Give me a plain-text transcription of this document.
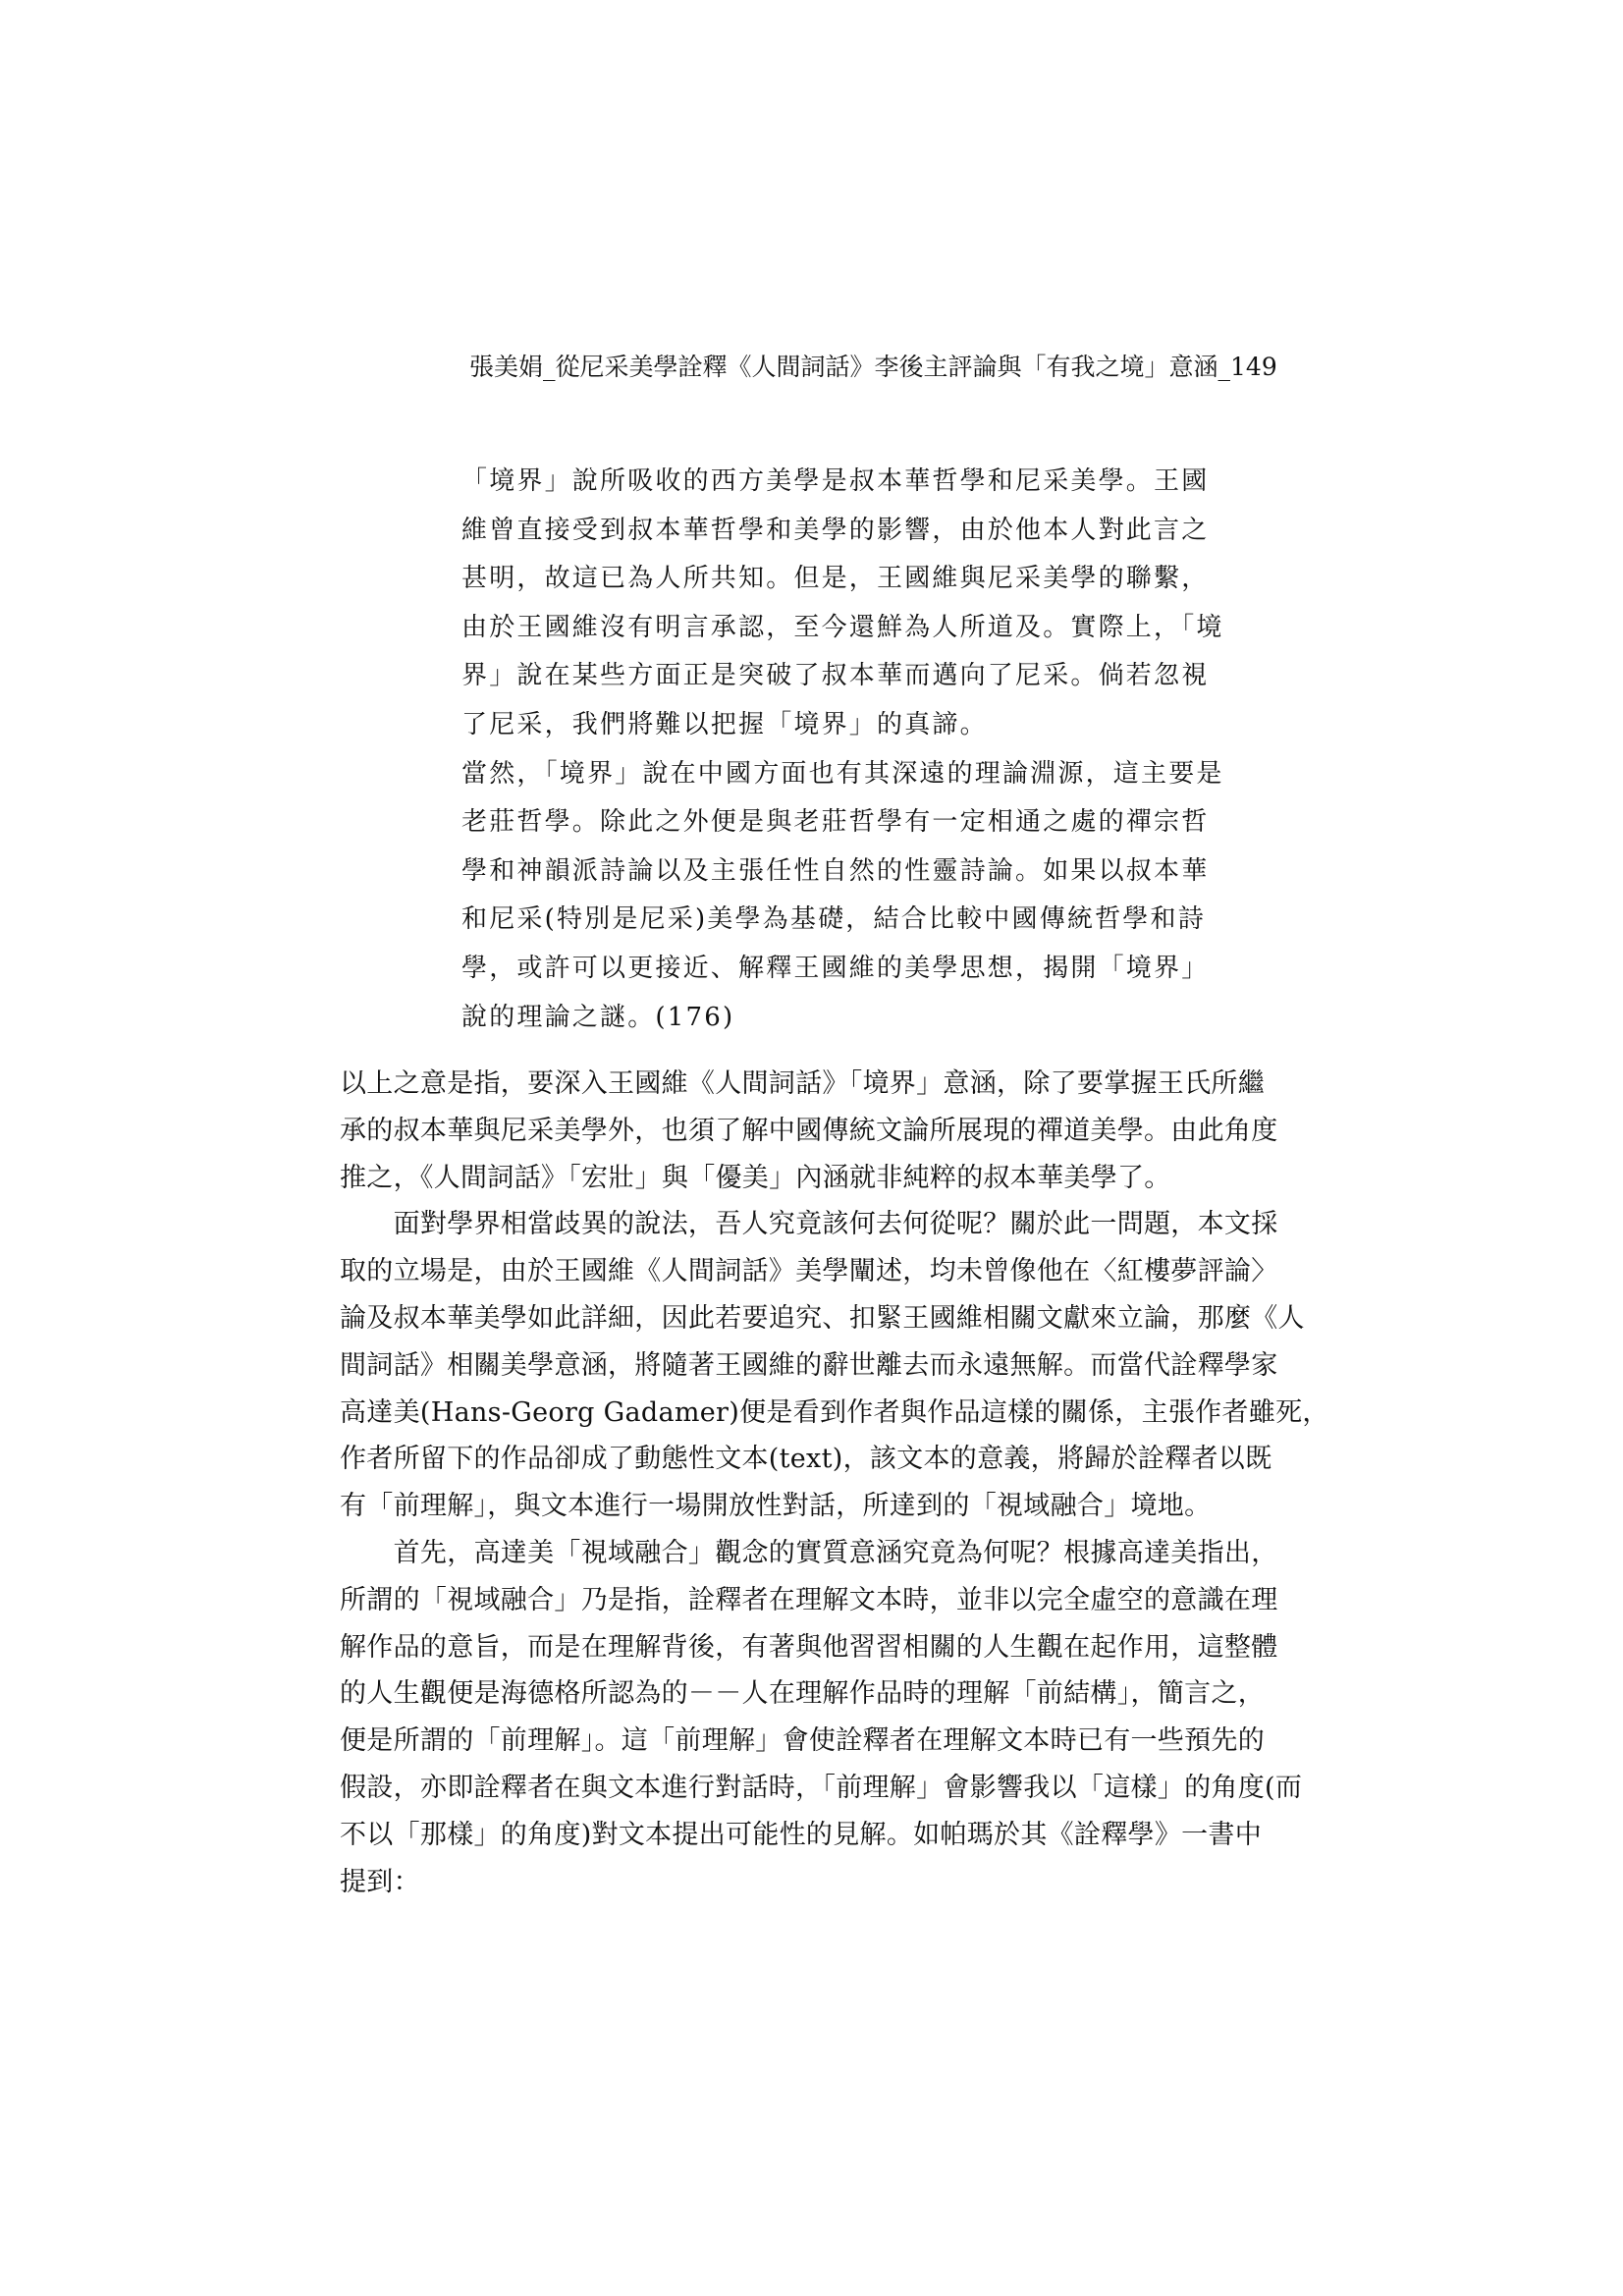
張美娟_從尼采美學詮釋《人間詞話》李後主評論與「有我之境」意涵_149
「境界」說所吸收的西方美學是叔本華哲學和尼采美學。王國
維曾直接受到叔本華哲學和美學的影響，由於他本人對此言之
甚明，故這已為人所共知。但是，王國維與尼采美學的聯繫，
由於王國維沒有明言承認，至今還鮮為人所道及。實際上，「境
界」說在某些方面正是突破了叔本華而邁向了尼采。倘若忽視
了尼采，我們將難以把握「境界」的真諦。
當然，「境界」說在中國方面也有其深遠的理論淵源，這主要是
老莊哲學。除此之外便是與老莊哲學有一定相通之處的禪宗哲
學和神韻派詩論以及主張任性自然的性靈詩論。如果以叔本華
和尼采(特別是尼采)美學為基礎，結合比較中國傳統哲學和詩
學，或許可以更接近、解釋王國維的美學思想，揭開「境界」
說的理論之謎。(176)
以上之意是指，要深入王國維《人間詞話》「境界」意涵，除了要掌握王氏所繼
承的叔本華與尼采美學外，也須了解中國傳統文論所展現的禪道美學。由此角度
推之，《人間詞話》「宏壯」與「優美」內涵就非純粹的叔本華美學了。
　　面對學界相當歧異的說法，吾人究竟該何去何從呢？關於此一問題，本文採
取的立場是，由於王國維《人間詞話》美學闡述，均未曾像他在〈紅樓夢評論〉
論及叔本華美學如此詳細，因此若要追究、扣緊王國維相關文獻來立論，那麼《人
間詞話》相關美學意涵，將隨著王國維的辭世離去而永遠無解。而當代詮釋學家
高達美(Hans-Georg Gadamer)便是看到作者與作品這樣的關係，主張作者雖死，
作者所留下的作品卻成了動態性文本(text)，該文本的意義，將歸於詮釋者以既
有「前理解」，與文本進行一場開放性對話，所達到的「視域融合」境地。
　　首先，高達美「視域融合」觀念的實質意涵究竟為何呢？根據高達美指出，
所謂的「視域融合」乃是指，詮釋者在理解文本時，並非以完全虛空的意識在理
解作品的意旨，而是在理解背後，有著與他習習相關的人生觀在起作用，這整體
的人生觀便是海德格所認為的－－人在理解作品時的理解「前結構」，簡言之，
便是所謂的「前理解」。這「前理解」會使詮釋者在理解文本時已有一些預先的
假設，亦即詮釋者在與文本進行對話時，「前理解」會影響我以「這樣」的角度(而
不以「那樣」的角度)對文本提出可能性的見解。如帕瑪於其《詮釋學》一書中
提到：
